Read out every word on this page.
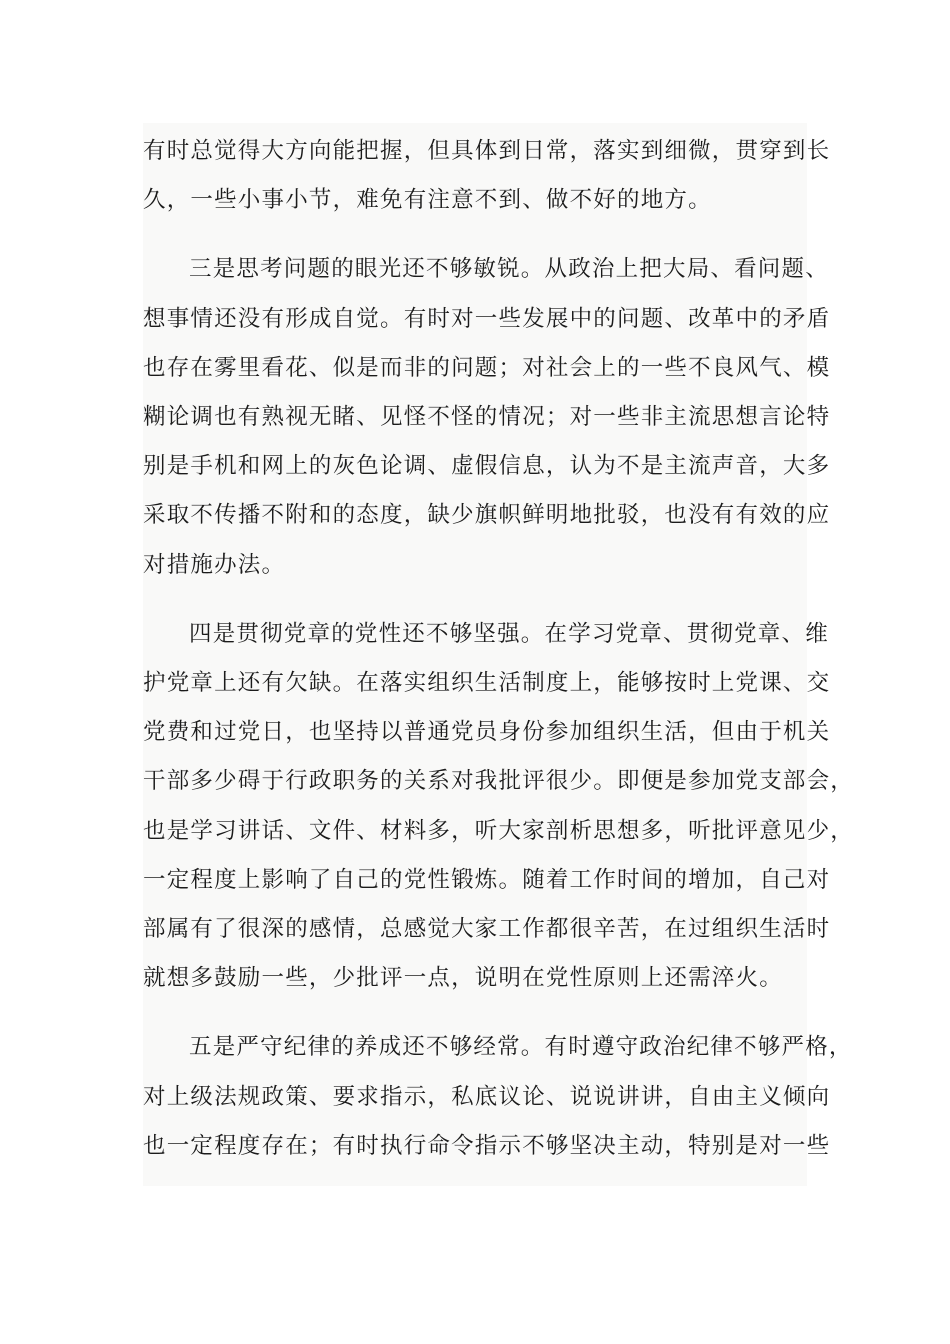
有时总觉得大方向能把握，但具体到日常，落实到细微，贯穿到长
久，一些小事小节，难免有注意不到、做不好的地方。

三是思考问题的眼光还不够敏锐。从政治上把大局、看问题、
想事情还没有形成自觉。有时对一些发展中的问题、改革中的矛盾
也存在雾里看花、似是而非的问题；对社会上的一些不良风气、模
糊论调也有熟视无睹、见怪不怪的情况；对一些非主流思想言论特
别是手机和网上的灰色论调、虚假信息，认为不是主流声音，大多
采取不传播不附和的态度，缺少旗帜鲜明地批驳，也没有有效的应
对措施办法。

四是贯彻党章的党性还不够坚强。在学习党章、贯彻党章、维
护党章上还有欠缺。在落实组织生活制度上，能够按时上党课、交
党费和过党日，也坚持以普通党员身份参加组织生活，但由于机关
干部多少碍于行政职务的关系对我批评很少。即便是参加党支部会，
也是学习讲话、文件、材料多，听大家剖析思想多，听批评意见少，
一定程度上影响了自己的党性锻炼。随着工作时间的增加，自己对
部属有了很深的感情，总感觉大家工作都很辛苦，在过组织生活时
就想多鼓励一些，少批评一点，说明在党性原则上还需淬火。

五是严守纪律的养成还不够经常。有时遵守政治纪律不够严格，
对上级法规政策、要求指示，私底议论、说说讲讲，自由主义倾向
也一定程度存在；有时执行命令指示不够坚决主动，特别是对一些
